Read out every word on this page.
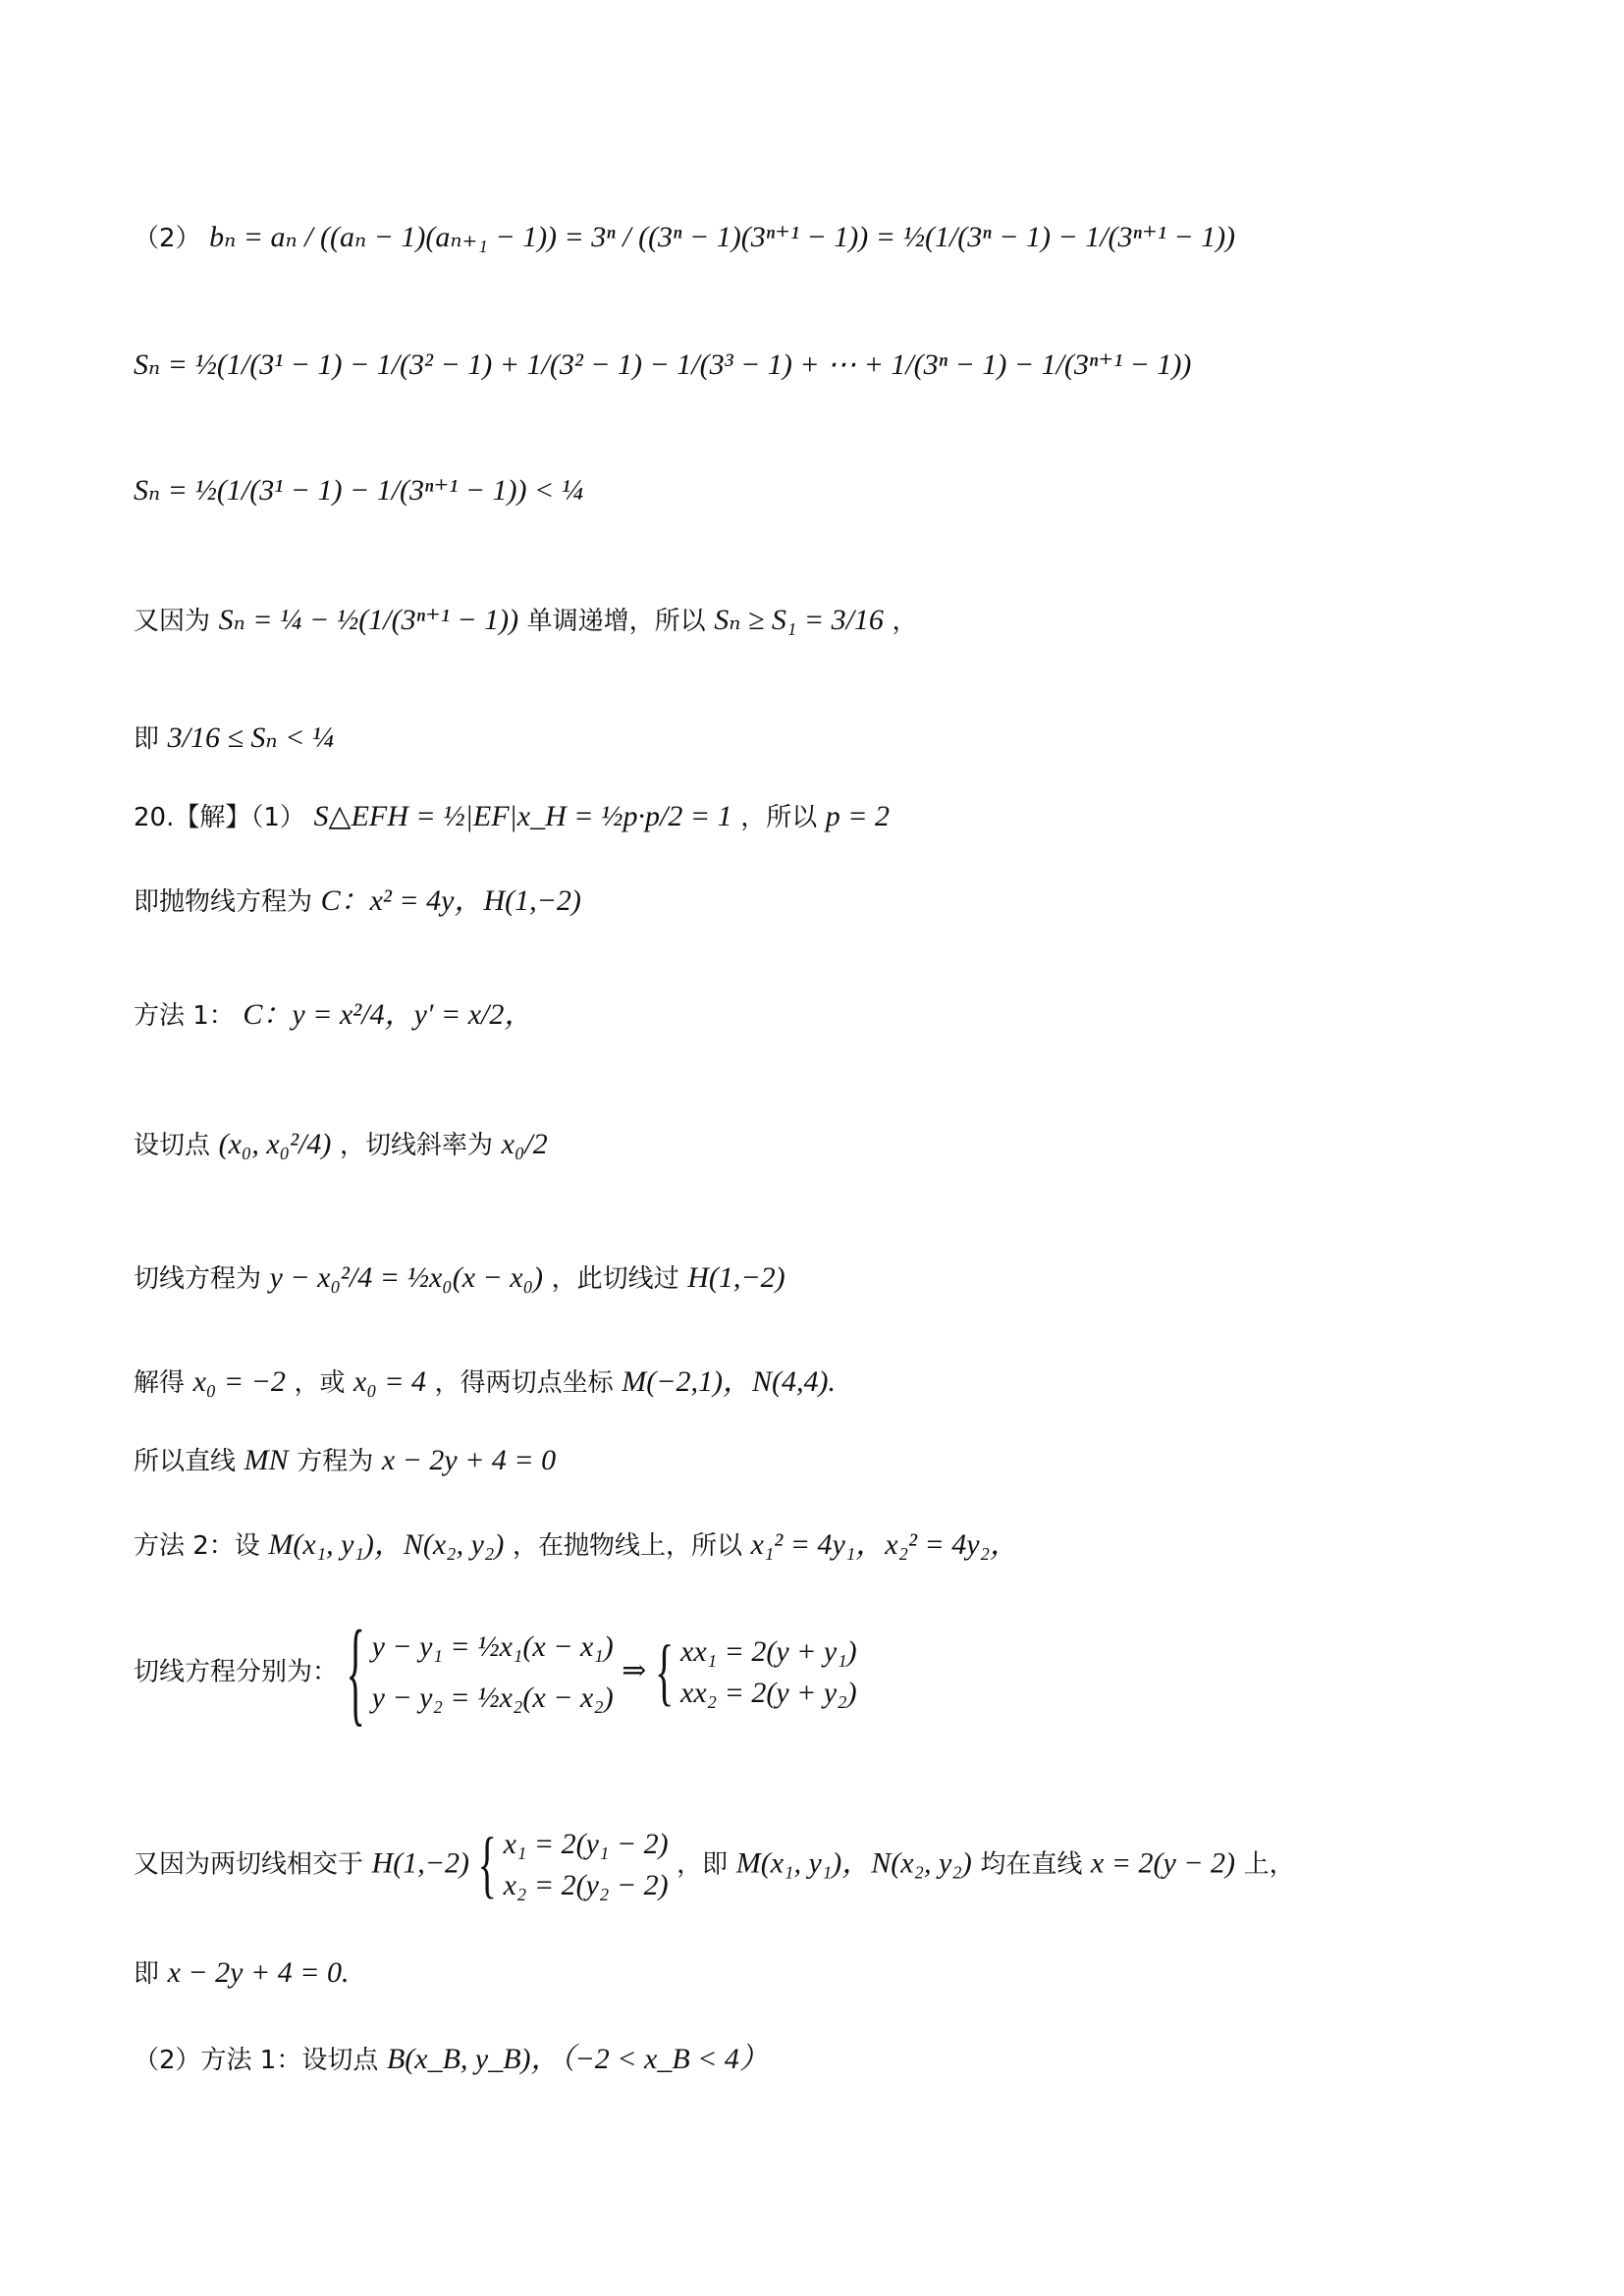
（2） bₙ = aₙ / ((aₙ − 1)(aₙ₊₁ − 1)) = 3ⁿ / ((3ⁿ − 1)(3ⁿ⁺¹ − 1)) = ½(1/(3ⁿ − 1) − 1/(3ⁿ⁺¹ − 1))
Sₙ = ½(1/(3¹ − 1) − 1/(3² − 1) + 1/(3² − 1) − 1/(3³ − 1) + ⋯ + 1/(3ⁿ − 1) − 1/(3ⁿ⁺¹ − 1))
Sₙ = ½(1/(3¹ − 1) − 1/(3ⁿ⁺¹ − 1)) < ¼
又因为 Sₙ = ¼ − ½(1/(3ⁿ⁺¹ − 1)) 单调递增，所以 Sₙ ≥ S₁ = 3/16 ，
即 3/16 ≤ Sₙ < ¼
20.【解】（1） S△EFH = ½|EF|x_H = ½p·p/2 = 1 ，所以 p = 2
即抛物线方程为 C：x² = 4y，H(1,−2)
方法 1： C：y = x²/4，y′ = x/2，
设切点 (x₀, x₀²/4) ，切线斜率为 x₀/2
切线方程为 y − x₀²/4 = ½x₀(x − x₀) ，此切线过 H(1,−2)
解得 x₀ = −2 ，或 x₀ = 4 ，得两切点坐标 M(−2,1)，N(4,4).
所以直线 MN 方程为 x − 2y + 4 = 0
方法 2：设 M(x₁, y₁)，N(x₂, y₂) ，在抛物线上，所以 x₁² = 4y₁，x₂² = 4y₂，
切线方程分别为：
{ y − y₁ = ½x₁(x − x₁)
y − y₂ = ½x₂(x − x₂)
⇒
{ xx₁ = 2(y + y₁)
xx₂ = 2(y + y₂)
又因为两切线相交于 H(1,−2)
{ x₁ = 2(y₁ − 2)
x₂ = 2(y₂ − 2)
，即 M(x₁, y₁)，N(x₂, y₂) 均在直线 x = 2(y − 2) 上，
即 x − 2y + 4 = 0.
（2）方法 1：设切点 B(x_B, y_B)，（−2 < x_B < 4）
